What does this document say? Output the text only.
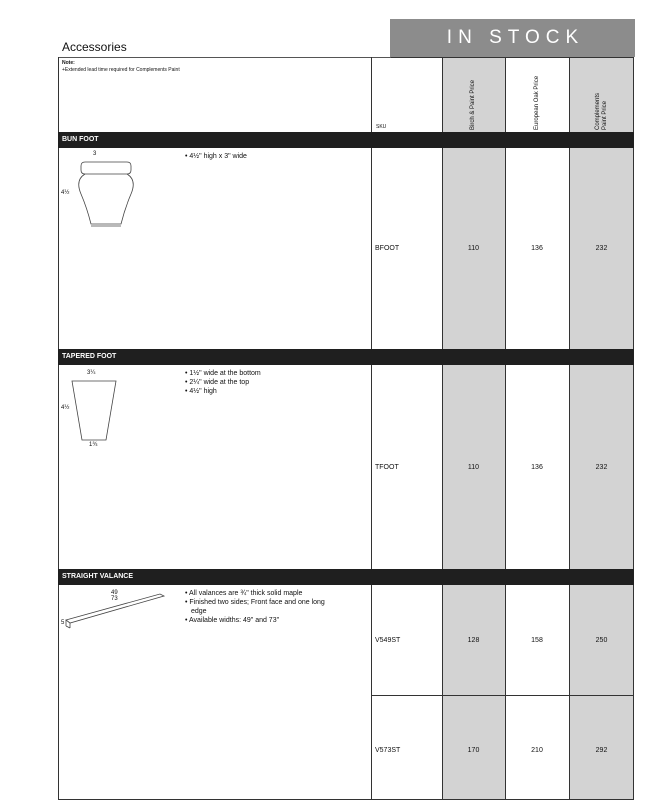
IN STOCK
Accessories
Note:
+Extended lead time required for Complements Paint
SKU	Birch & Paint Price	European Oak Price	Complements Paint Price
BUN FOOT
3
4½
• 4½" high x 3" wide
BFOOT	110	136	232
TAPERED FOOT
3¼
4½
1¾
• 1½" wide at the bottom
• 2¼" wide at the top
• 4½" high
TFOOT	110	136	232
STRAIGHT VALANCE
49
73
5
• All valances are ¾" thick solid maple
• Finished two sides; Front face and one long
edge
• Available widths: 49" and 73"
V549ST	128	158	250
V573ST	170	210	292
